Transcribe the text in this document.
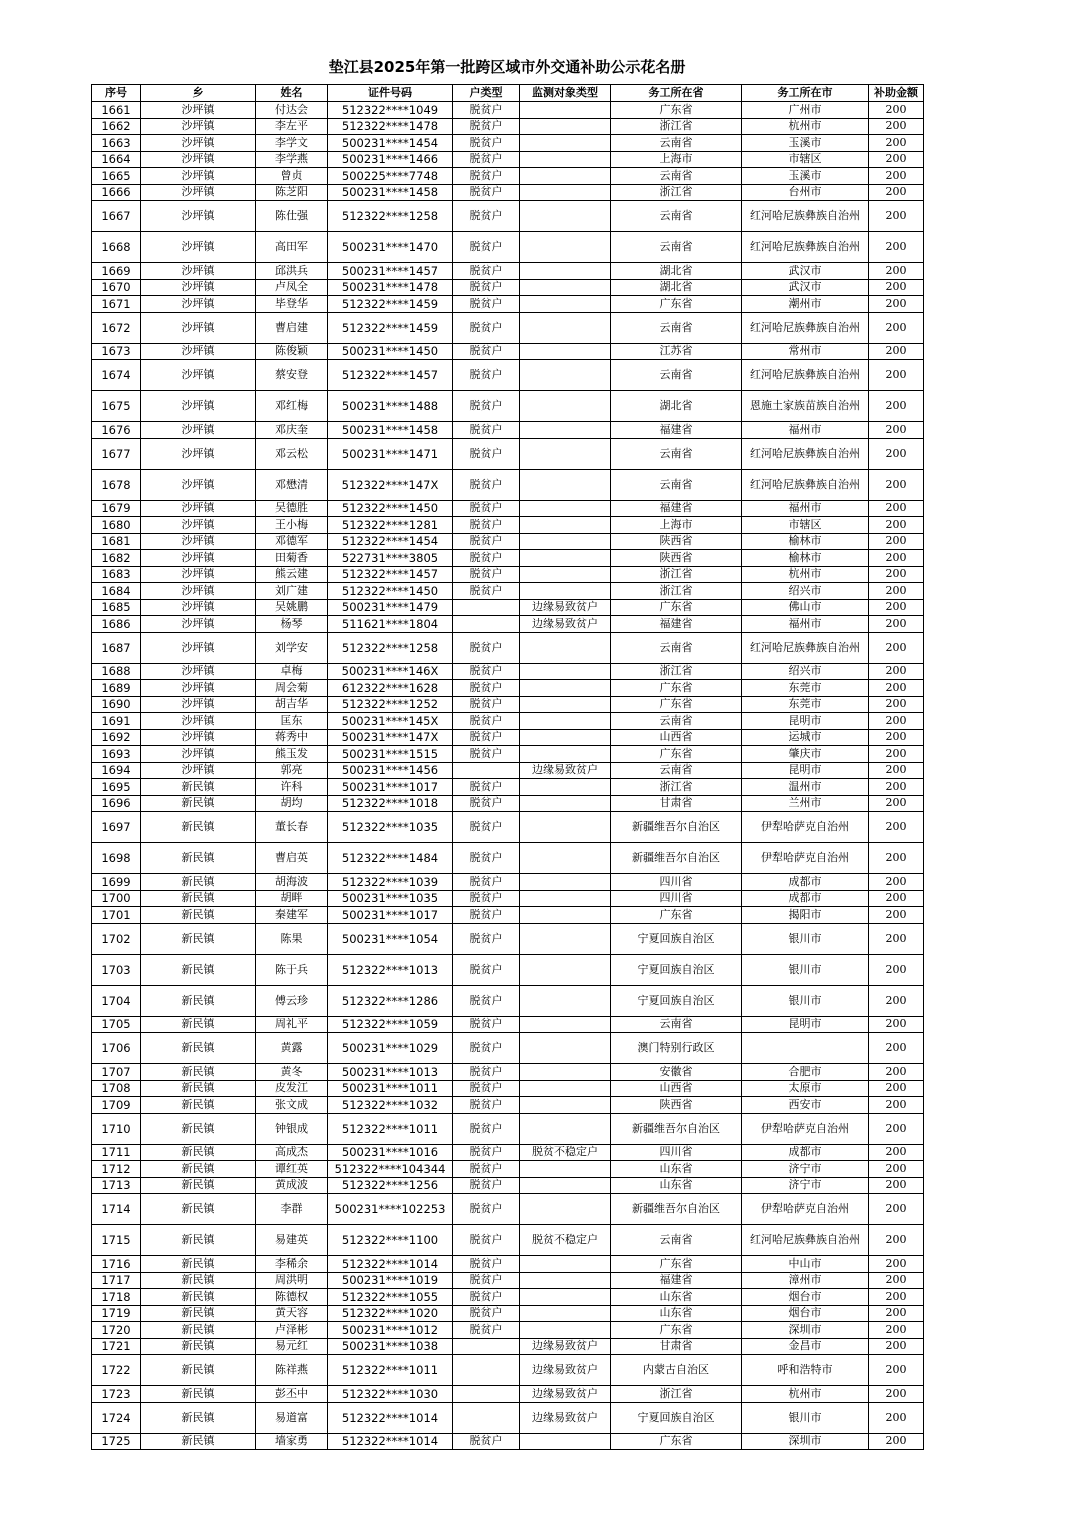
垫江县2025年第一批跨区域市外交通补助公示花名册
序号	乡	姓名	证件号码	户类型	监测对象类型	务工所在省	务工所在市	补助金额
1661	沙坪镇	付达会	512322****1049	脱贫户		广东省	广州市	200
1662	沙坪镇	李左平	512322****1478	脱贫户		浙江省	杭州市	200
1663	沙坪镇	李学文	500231****1454	脱贫户		云南省	玉溪市	200
1664	沙坪镇	李学燕	500231****1466	脱贫户		上海市	市辖区	200
1665	沙坪镇	曾贞	500225****7748	脱贫户		云南省	玉溪市	200
1666	沙坪镇	陈芝阳	500231****1458	脱贫户		浙江省	台州市	200
1667	沙坪镇	陈仕强	512322****1258	脱贫户		云南省	红河哈尼族彝族自治州	200
1668	沙坪镇	高田军	500231****1470	脱贫户		云南省	红河哈尼族彝族自治州	200
1669	沙坪镇	邱洪兵	500231****1457	脱贫户		湖北省	武汉市	200
1670	沙坪镇	卢凤全	500231****1478	脱贫户		湖北省	武汉市	200
1671	沙坪镇	毕登华	512322****1459	脱贫户		广东省	潮州市	200
1672	沙坪镇	曹启建	512322****1459	脱贫户		云南省	红河哈尼族彝族自治州	200
1673	沙坪镇	陈俊颖	500231****1450	脱贫户		江苏省	常州市	200
1674	沙坪镇	蔡安登	512322****1457	脱贫户		云南省	红河哈尼族彝族自治州	200
1675	沙坪镇	邓红梅	500231****1488	脱贫户		湖北省	恩施土家族苗族自治州	200
1676	沙坪镇	邓庆奎	500231****1458	脱贫户		福建省	福州市	200
1677	沙坪镇	邓云松	500231****1471	脱贫户		云南省	红河哈尼族彝族自治州	200
1678	沙坪镇	邓懋清	512322****147X	脱贫户		云南省	红河哈尼族彝族自治州	200
1679	沙坪镇	吴德胜	512322****1450	脱贫户		福建省	福州市	200
1680	沙坪镇	王小梅	512322****1281	脱贫户		上海市	市辖区	200
1681	沙坪镇	邓德军	512322****1454	脱贫户		陕西省	榆林市	200
1682	沙坪镇	田菊香	522731****3805	脱贫户		陕西省	榆林市	200
1683	沙坪镇	熊云建	512322****1457	脱贫户		浙江省	杭州市	200
1684	沙坪镇	刘广建	512322****1450	脱贫户		浙江省	绍兴市	200
1685	沙坪镇	吴姚鹏	500231****1479		边缘易致贫户	广东省	佛山市	200
1686	沙坪镇	杨琴	511621****1804		边缘易致贫户	福建省	福州市	200
1687	沙坪镇	刘学安	512322****1258	脱贫户		云南省	红河哈尼族彝族自治州	200
1688	沙坪镇	卓梅	500231****146X	脱贫户		浙江省	绍兴市	200
1689	沙坪镇	周会菊	612322****1628	脱贫户		广东省	东莞市	200
1690	沙坪镇	胡吉华	512322****1252	脱贫户		广东省	东莞市	200
1691	沙坪镇	匡东	500231****145X	脱贫户		云南省	昆明市	200
1692	沙坪镇	蒋秀中	500231****147X	脱贫户		山西省	运城市	200
1693	沙坪镇	熊玉发	500231****1515	脱贫户		广东省	肇庆市	200
1694	沙坪镇	郭亮	500231****1456		边缘易致贫户	云南省	昆明市	200
1695	新民镇	许科	500231****1017	脱贫户		浙江省	温州市	200
1696	新民镇	胡均	512322****1018	脱贫户		甘肃省	兰州市	200
1697	新民镇	董长春	512322****1035	脱贫户		新疆维吾尔自治区	伊犁哈萨克自治州	200
1698	新民镇	曹启英	512322****1484	脱贫户		新疆维吾尔自治区	伊犁哈萨克自治州	200
1699	新民镇	胡海波	512322****1039	脱贫户		四川省	成都市	200
1700	新民镇	胡畔	500231****1035	脱贫户		四川省	成都市	200
1701	新民镇	秦建军	500231****1017	脱贫户		广东省	揭阳市	200
1702	新民镇	陈果	500231****1054	脱贫户		宁夏回族自治区	银川市	200
1703	新民镇	陈于兵	512322****1013	脱贫户		宁夏回族自治区	银川市	200
1704	新民镇	傅云珍	512322****1286	脱贫户		宁夏回族自治区	银川市	200
1705	新民镇	周礼平	512322****1059	脱贫户		云南省	昆明市	200
1706	新民镇	黄露	500231****1029	脱贫户		澳门特别行政区		200
1707	新民镇	黄冬	500231****1013	脱贫户		安徽省	合肥市	200
1708	新民镇	皮发江	500231****1011	脱贫户		山西省	太原市	200
1709	新民镇	张文成	512322****1032	脱贫户		陕西省	西安市	200
1710	新民镇	钟银成	512322****1011	脱贫户		新疆维吾尔自治区	伊犁哈萨克自治州	200
1711	新民镇	高成杰	500231****1016	脱贫户	脱贫不稳定户	四川省	成都市	200
1712	新民镇	谭红英	512322****104344	脱贫户		山东省	济宁市	200
1713	新民镇	黄成波	512322****1256	脱贫户		山东省	济宁市	200
1714	新民镇	李群	500231****102253	脱贫户		新疆维吾尔自治区	伊犁哈萨克自治州	200
1715	新民镇	易建英	512322****1100	脱贫户	脱贫不稳定户	云南省	红河哈尼族彝族自治州	200
1716	新民镇	李稀余	512322****1014	脱贫户		广东省	中山市	200
1717	新民镇	周洪明	500231****1019	脱贫户		福建省	漳州市	200
1718	新民镇	陈德权	512322****1055	脱贫户		山东省	烟台市	200
1719	新民镇	黄天容	512322****1020	脱贫户		山东省	烟台市	200
1720	新民镇	卢泽彬	500231****1012	脱贫户		广东省	深圳市	200
1721	新民镇	易元红	500231****1038		边缘易致贫户	甘肃省	金昌市	200
1722	新民镇	陈祥燕	512322****1011		边缘易致贫户	内蒙古自治区	呼和浩特市	200
1723	新民镇	彭丕中	512322****1030		边缘易致贫户	浙江省	杭州市	200
1724	新民镇	易道富	512322****1014		边缘易致贫户	宁夏回族自治区	银川市	200
1725	新民镇	墙家勇	512322****1014	脱贫户		广东省	深圳市	200
